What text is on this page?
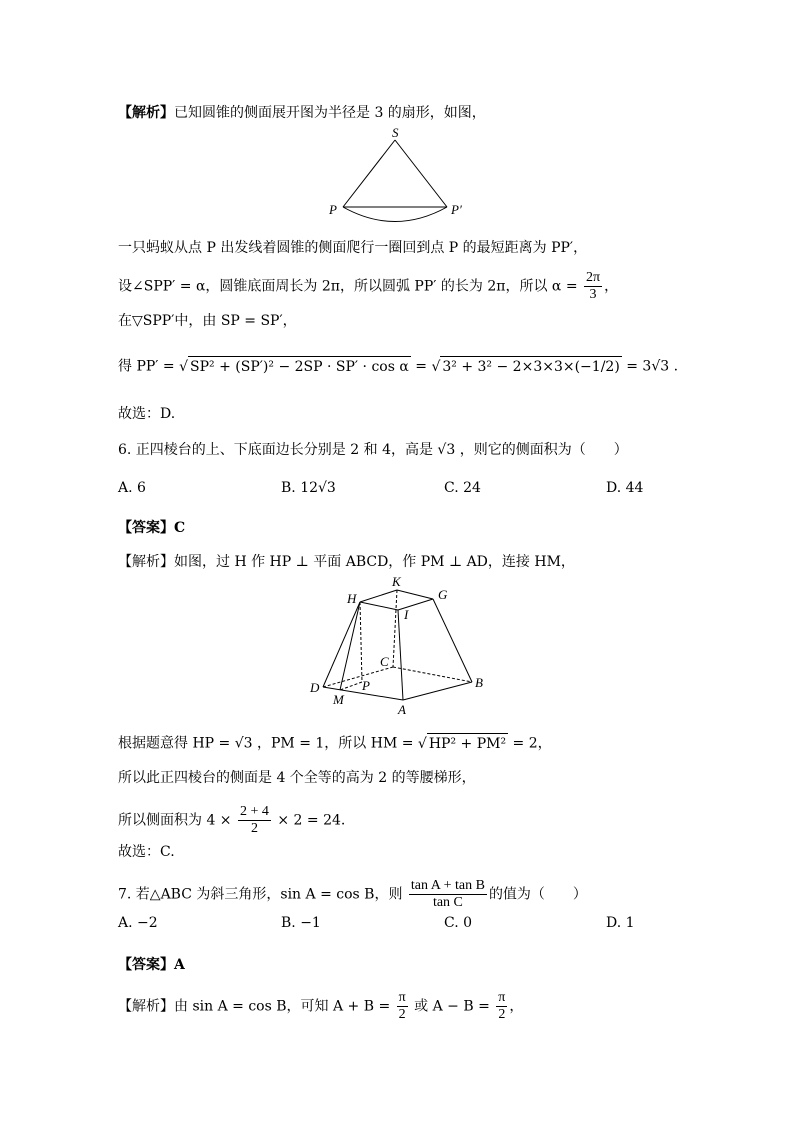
【解析】已知圆锥的侧面展开图为半径是 3 的扇形，如图，
S
P	P′
一只蚂蚁从点 P 出发线着圆锥的侧面爬行一圈回到点 P 的最短距离为 PP′，
设∠SPP′ = α，圆锥底面周长为 2π，所以圆弧 PP′ 的长为 2π，所以 $\alpha = \frac{2\pi}{3}$ ，
在▽SPP′中，由 SP = SP′，
得 PP′ = √ SP² + (SP′)² − 2SP · SP′ · cos α = √ 3² + 3² − 2×3×3×(−1/2) = 3√3 .
故选：D.
6. 正四棱台的上、下底面边长分别是 2 和 4，高是 √3 ，则它的侧面积为（　　）
A. 6	B. 12√3	C. 24	D. 44
【答案】C
【解析】如图，过 H 作 HP ⊥ 平面 ABCD，作 PM ⊥ AD，连接 HM，
K
G
H
I
C
D	P	B
M
A
根据题意得 HP = √3 ，PM = 1，所以 HM = √ HP² + PM² = 2，
所以此正四棱台的侧面是 4 个全等的高为 2 的等腰梯形，
所以侧面积为 $4 \times \frac{2 + 4}{2} \times 2 = 24$.
故选：C.
7. 若△ABC 为斜三角形，sin A = cos B，则 $\frac{\text{tan A + tan B}}{\text{tan C}}$ 的值为（　　）
A. −2	B. −1	C. 0	D. 1
【答案】A
【解析】由 sin A = cos B，可知 $A + B = \frac{\pi}{2}$ 或 $A - B = \frac{\pi}{2}$ ，
